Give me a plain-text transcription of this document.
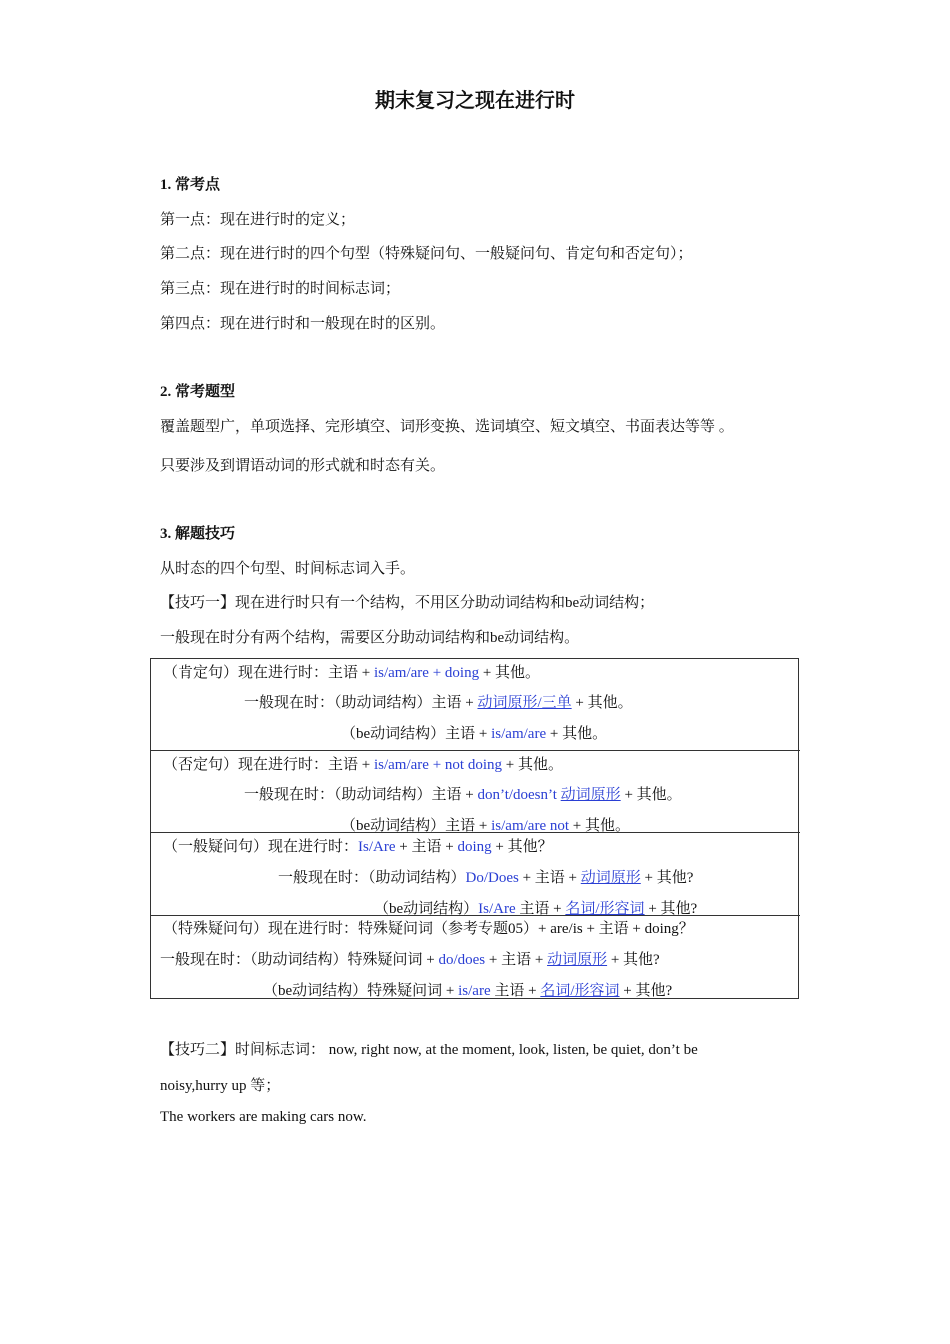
期末复习之现在进行时
1. 常考点
第一点：现在进行时的定义；
第二点：现在进行时的四个句型（特殊疑问句、一般疑问句、肯定句和否定句）；
第三点：现在进行时的时间标志词；
第四点：现在进行时和一般现在时的区别。
2. 常考题型
覆盖题型广，单项选择、完形填空、词形变换、选词填空、短文填空、书面表达等等 。
只要涉及到谓语动词的形式就和时态有关。
3. 解题技巧
从时态的四个句型、时间标志词入手。
【技巧一】现在进行时只有一个结构，不用区分助动词结构和be动词结构；
一般现在时分有两个结构，需要区分助动词结构和be动词结构。
（肯定句）现在进行时：主语 + is/am/are + doing + 其他。
一般现在时：（助动词结构）主语 + 动词原形/三单 + 其他。
（be动词结构）主语 + is/am/are + 其他。
（否定句）现在进行时：主语 + is/am/are + not doing + 其他。
一般现在时：（助动词结构）主语 + don’t/doesn’t 动词原形 + 其他。
（be动词结构）主语 + is/am/are not + 其他。
（一般疑问句）现在进行时：Is/Are + 主语 + doing + 其他？
一般现在时：（助动词结构）Do/Does + 主语 + 动词原形 + 其他?
（be动词结构）Is/Are 主语 + 名词/形容词 + 其他?
（特殊疑问句）现在进行时：特殊疑问词（参考专题05）+ are/is + 主语 + doing？
一般现在时：（助动词结构）特殊疑问词 + do/does + 主语 + 动词原形 + 其他?
（be动词结构）特殊疑问词 + is/are 主语 + 名词/形容词 + 其他?
【技巧二】时间标志词： now, right now, at the moment, look, listen, be quiet, don’t be
noisy,hurry up 等；
The workers are making cars now.
